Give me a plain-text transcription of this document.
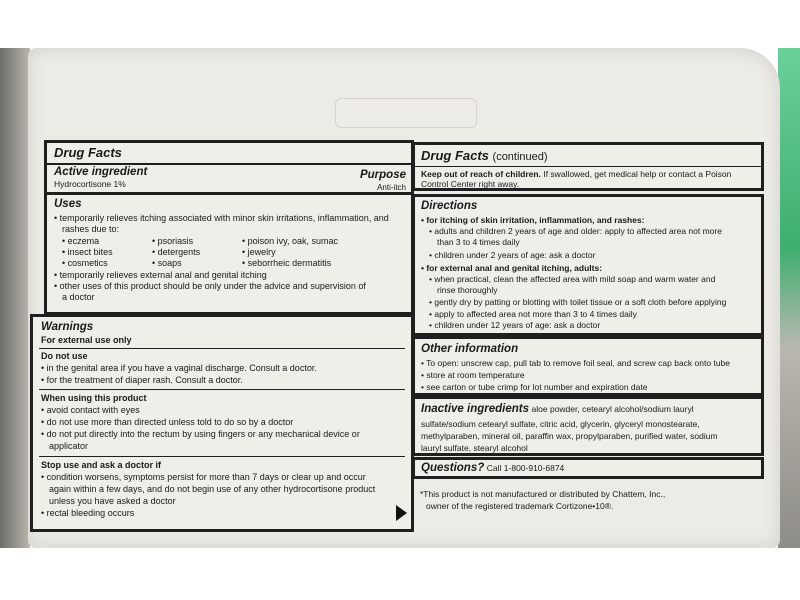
Drug Facts
Active ingredient	Purpose
Hydrocortisone 1%	Anti-itch
Uses
• temporarily relieves itching associated with minor skin irritations, inflammation, and
rashes due to:
• eczema
• insect bites
• cosmetics
• psoriasis
• detergents
• soaps
• poison ivy, oak, sumac
• jewelry
• seborrheic dermatitis
• temporarily relieves external anal and genital itching
• other uses of this product should be only under the advice and supervision of
a doctor
Warnings
For external use only
Do not use
• in the genital area if you have a vaginal discharge. Consult a doctor.
• for the treatment of diaper rash. Consult a doctor.
When using this product
• avoid contact with eyes
• do not use more than directed unless told to do so by a doctor
• do not put directly into the rectum by using fingers or any mechanical device or
applicator
Stop use and ask a doctor if
• condition worsens, symptoms persist for more than 7 days or clear up and occur
again within a few days, and do not begin use of any other hydrocortisone product
unless you have asked a doctor
• rectal bleeding occurs
Drug Facts (continued)
Keep out of reach of children. If swallowed, get medical help or contact a Poison
Control Center right away.
Directions
• for itching of skin irritation, inflammation, and rashes:
• adults and children 2 years of age and older: apply to affected area not more
than 3 to 4 times daily
• children under 2 years of age: ask a doctor
• for external anal and genital itching, adults:
• when practical, clean the affected area with mild soap and warm water and
rinse thoroughly
• gently dry by patting or blotting with toilet tissue or a soft cloth before applying
• apply to affected area not more than 3 to 4 times daily
• children under 12 years of age: ask a doctor
Other information
• To open: unscrew cap, pull tab to remove foil seal, and screw cap back onto tube
• store at room temperature
• see carton or tube crimp for lot number and expiration date
Inactive ingredients aloe powder, cetearyl alcohol/sodium lauryl
sulfate/sodium cetearyl sulfate, citric acid, glycerin, glyceryl monostearate,
methylparaben, mineral oil, paraffin wax, propylparaben, purified water, sodium
lauryl sulfate, stearyl alcohol
Questions? Call 1-800-910-6874
*This product is not manufactured or distributed by Chattem, Inc.,
owner of the registered trademark Cortizone•10®.
